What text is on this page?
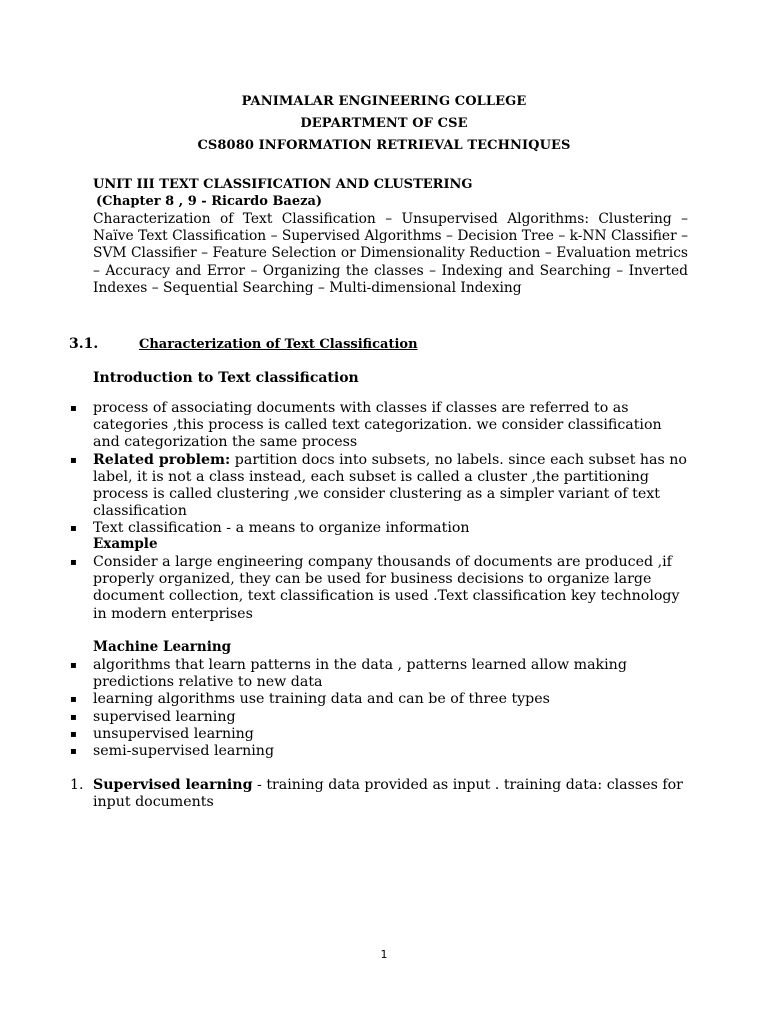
PANIMALAR ENGINEERING COLLEGE
DEPARTMENT OF CSE
CS8080 INFORMATION RETRIEVAL TECHNIQUES
UNIT III TEXT CLASSIFICATION AND CLUSTERING
(Chapter 8 , 9 - Ricardo Baeza)

Characterization of Text Classification – Unsupervised Algorithms: Clustering – Naïve Text Classification – Supervised Algorithms – Decision Tree – k-NN Classifier – SVM Classifier – Feature Selection or Dimensionality Reduction – Evaluation metrics – Accuracy and Error – Organizing the classes – Indexing and Searching – Inverted Indexes – Sequential Searching – Multi-dimensional Indexing

3.1.	Characterization of Text Classification
Introduction to Text classification
▪ process of associating documents with classes if classes are referred to as categories ,this process is called text categorization. we consider classification and categorization the same process
▪ Related problem: partition docs into subsets, no labels. since each subset has no label, it is not a class instead, each subset is called a cluster ,the partitioning process is called clustering ,we consider clustering as a simpler variant of text classification
▪ Text classification - a means to organize information
Example
▪ Consider a large engineering company thousands of documents are produced ,if properly organized, they can be used for business decisions to organize large document collection, text classification is used .Text classification key technology in modern enterprises
Machine Learning
▪ algorithms that learn patterns in the data , patterns learned allow making predictions relative to new data
▪ learning algorithms use training data and can be of three types
▪ supervised learning
▪ unsupervised learning
▪ semi-supervised learning
1. Supervised learning - training data provided as input . training data: classes for input documents
1
